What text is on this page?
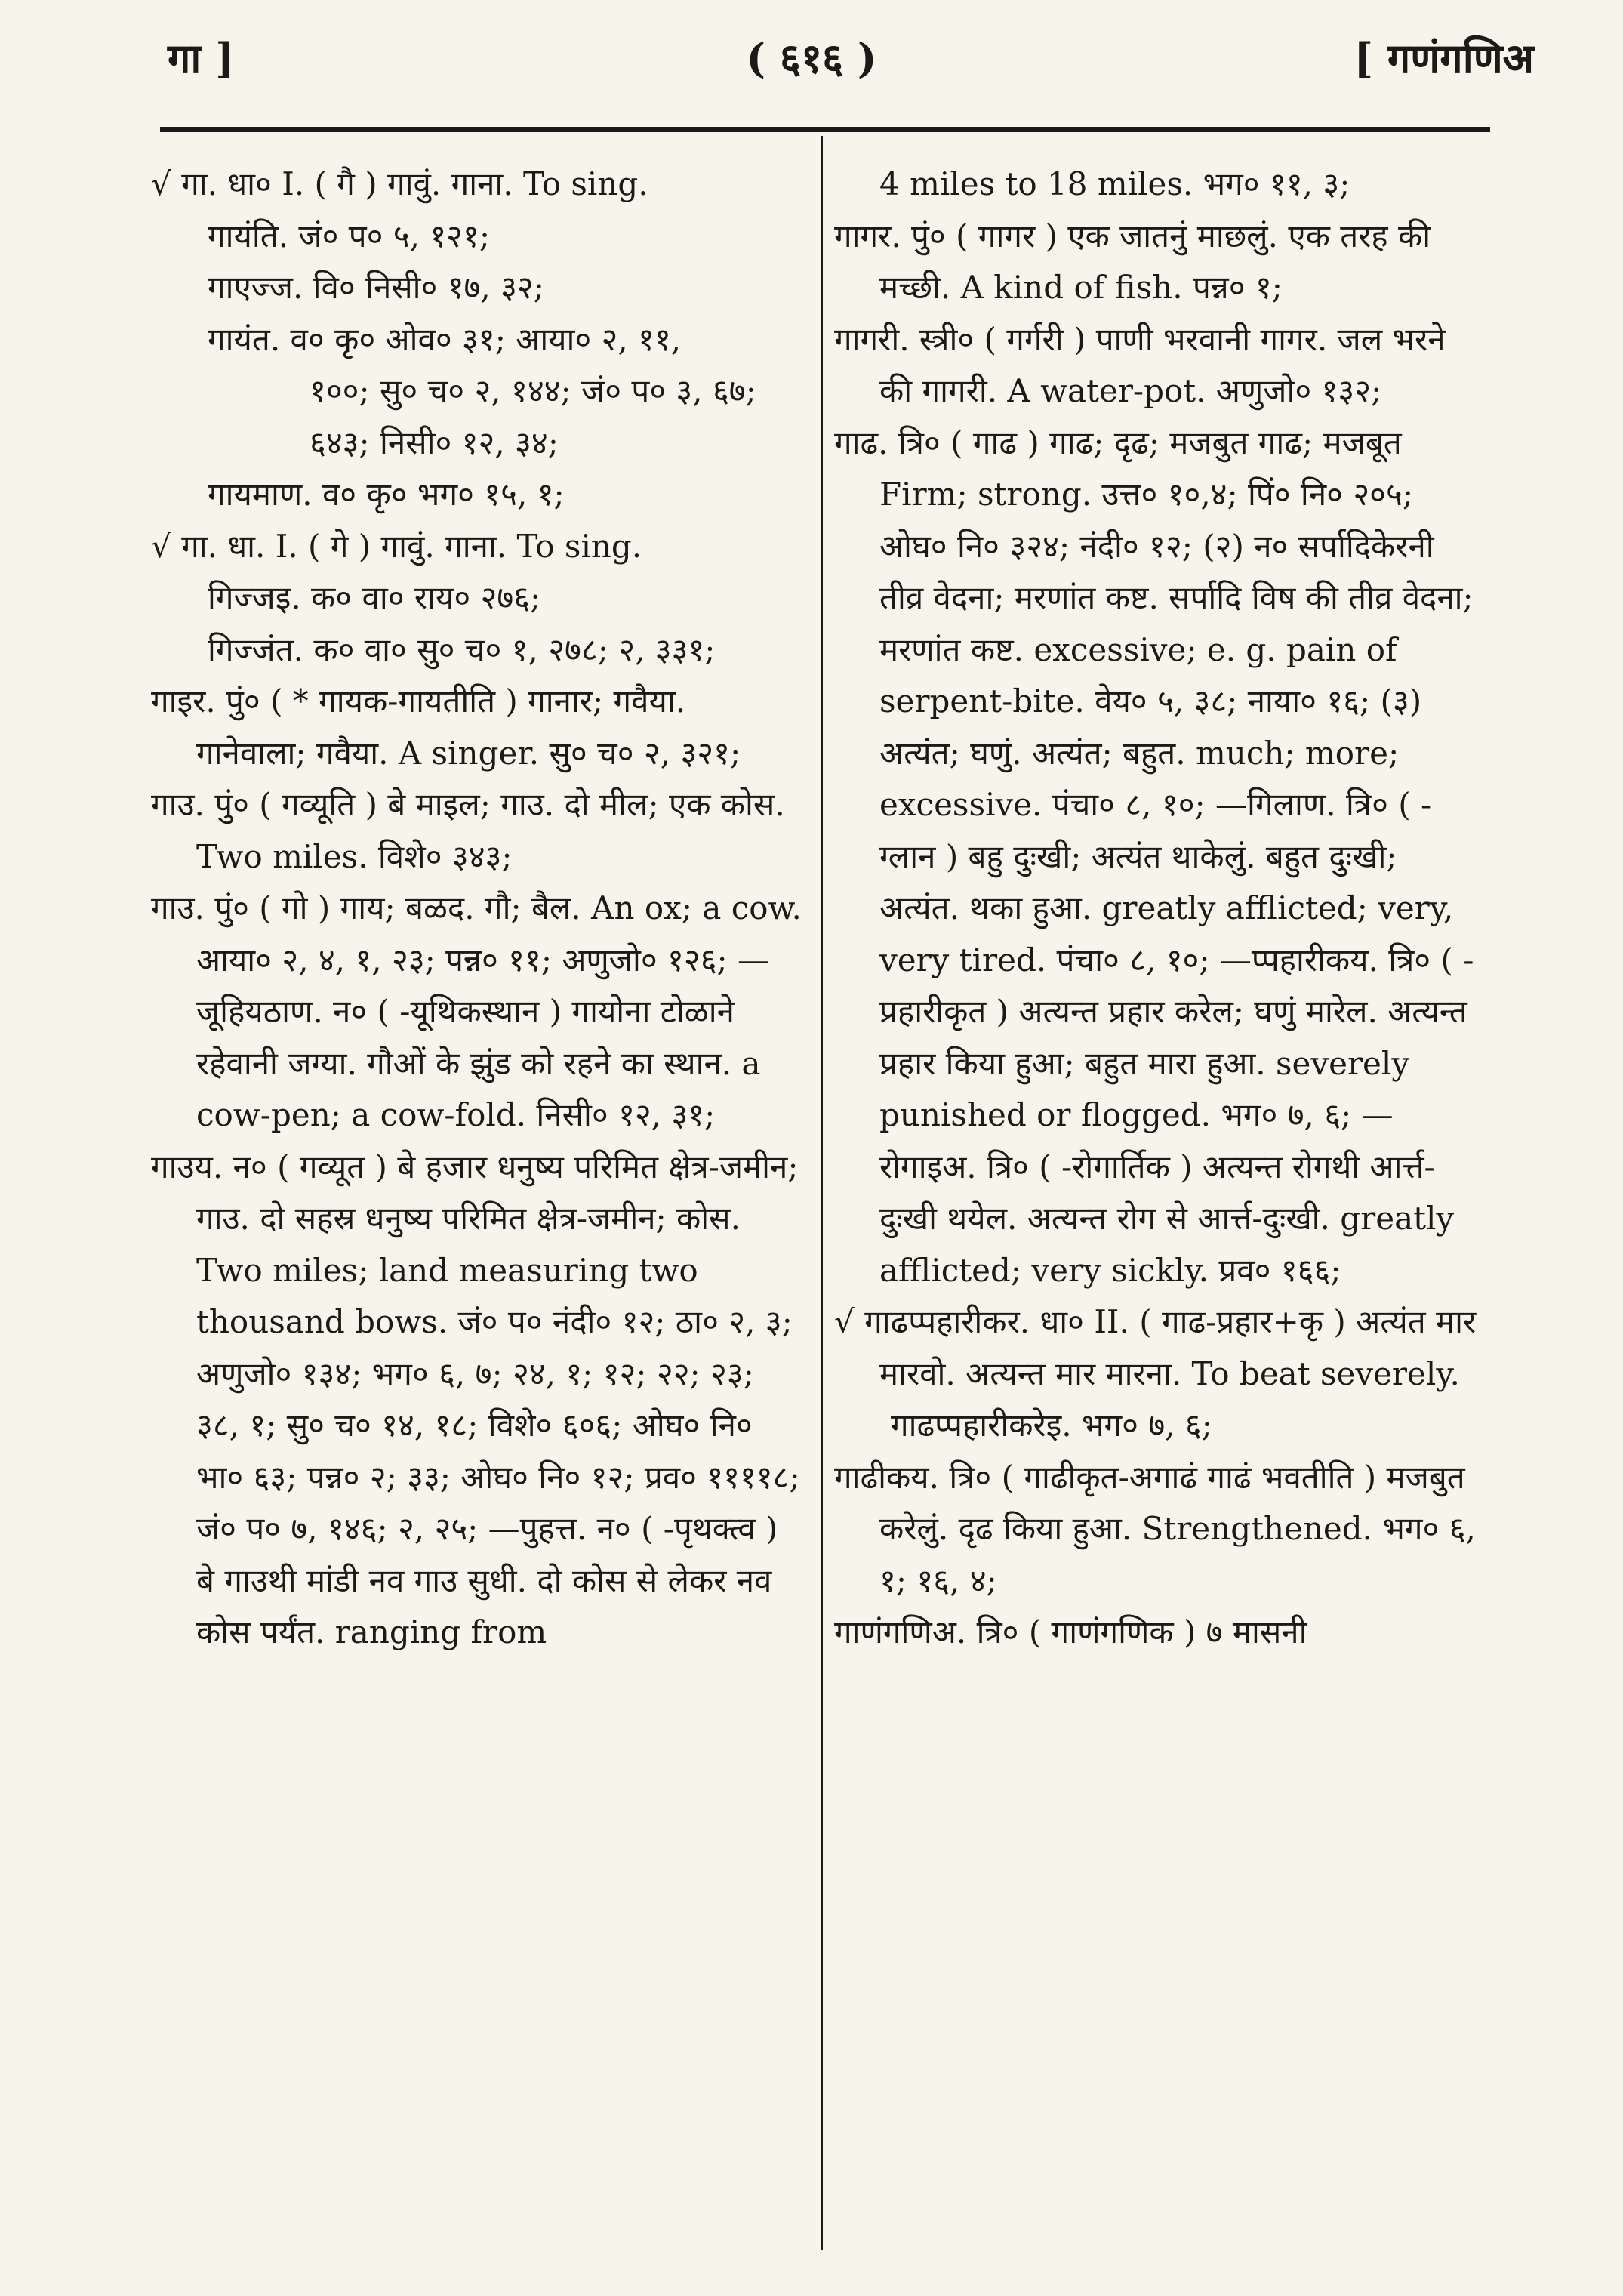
गा ]	( ६१६ )	[ गणंगणिअ

√ गा. धा० I. ( गै ) गावुं. गाना. To sing.

गायंति. जं० प० ५, १२१;

गाएज्ज. वि० निसी० १७, ३२;

गायंत. व० कृ० ओव० ३१; आया० २, ११,

१००; सु० च० २, १४४; जं० प० ३, ६७; ६४३; निसी० १२, ३४;

गायमाण. व० कृ० भग० १५, १;

√ गा. धा. I. ( गे ) गावुं. गाना. To sing.

गिज्जइ. क० वा० राय० २७६;

गिज्जंत. क० वा० सु० च० १, २७८; २, ३३१;

गाइर. पुं० ( * गायक-गायतीति ) गानार; गवैया. गानेवाला; गवैया. A singer. सु० च० २, ३२१;

गाउ. पुं० ( गव्यूति ) बे माइल; गाउ. दो मील; एक कोस. Two miles. विशे० ३४३;

गाउ. पुं० ( गो ) गाय; बळद. गौ; बैल. An ox; a cow. आया० २, ४, १, २३; पन्न० ११; अणुजो० १२६; —जूहियठाण. न० ( -यूथिकस्थान ) गायोना टोळाने रहेवानी जग्या. गौओं के झुंड को रहने का स्थान. a cow-pen; a cow-fold. निसी० १२, ३१;

गाउय. न० ( गव्यूत ) बे हजार धनुष्य परिमित क्षेत्र-जमीन; गाउ. दो सहस्र धनुष्य परिमित क्षेत्र-जमीन; कोस. Two miles; land measuring two thousand bows. जं० प० नंदी० १२; ठा० २, ३; अणुजो० १३४; भग० ६, ७; २४, १; १२; २२; २३; ३८, १; सु० च० १४, १८; विशे० ६०६; ओघ० नि० भा० ६३; पन्न० २; ३३; ओघ० नि० १२; प्रव० ११११८; जं० प० ७, १४६; २, २५; —पुहत्त. न० ( -पृथक्त्व ) बे गाउथी मांडी नव गाउ सुधी. दो कोस से लेकर नव कोस पर्यंत. ranging from

4 miles to 18 miles. भग० ११, ३;

गागर. पुं० ( गागर ) एक जातनुं माछलुं. एक तरह की मच्छी. A kind of fish. पन्न० १;

गागरी. स्त्री० ( गर्गरी ) पाणी भरवानी गागर. जल भरने की गागरी. A water-pot. अणुजो० १३२;

गाढ. त्रि० ( गाढ ) गाढ; दृढ; मजबुत गाढ; मजबूत Firm; strong. उत्त० १०,४; पिं० नि० २०५; ओघ० नि० ३२४; नंदी० १२; (२) न० सर्पादिकेरनी तीव्र वेदना; मरणांत कष्ट. सर्पादि विष की तीव्र वेदना; मरणांत कष्ट. excessive; e. g. pain of serpent-bite. वेय० ५, ३८; नाया० १६; (३) अत्यंत; घणुं. अत्यंत; बहुत. much; more; excessive. पंचा० ८, १०; —गिलाण. त्रि० ( -ग्लान ) बहु दुःखी; अत्यंत थाकेलुं. बहुत दुःखी; अत्यंत. थका हुआ. greatly afflicted; very, very tired. पंचा० ८, १०; —प्पहारीकय. त्रि० ( -प्रहारीकृत ) अत्यन्त प्रहार करेल; घणुं मारेल. अत्यन्त प्रहार किया हुआ; बहुत मारा हुआ. severely punished or flogged. भग० ७, ६; —रोगाइअ. त्रि० ( -रोगार्तिक ) अत्यन्त रोगथी आर्त्त-दुःखी थयेल. अत्यन्त रोग से आर्त्त-दुःखी. greatly afflicted; very sickly. प्रव० १६६;

√ गाढप्पहारीकर. धा० II. ( गाढ-प्रहार+कृ ) अत्यंत मार मारवो. अत्यन्त मार मारना. To beat severely.

गाढप्पहारीकरेइ. भग० ७, ६;

गाढीकय. त्रि० ( गाढीकृत-अगाढं गाढं भवतीति ) मजबुत करेलुं. दृढ किया हुआ. Strengthened. भग० ६, १; १६, ४;

गाणंगणिअ. त्रि० ( गाणंगणिक ) ७ मासनी
